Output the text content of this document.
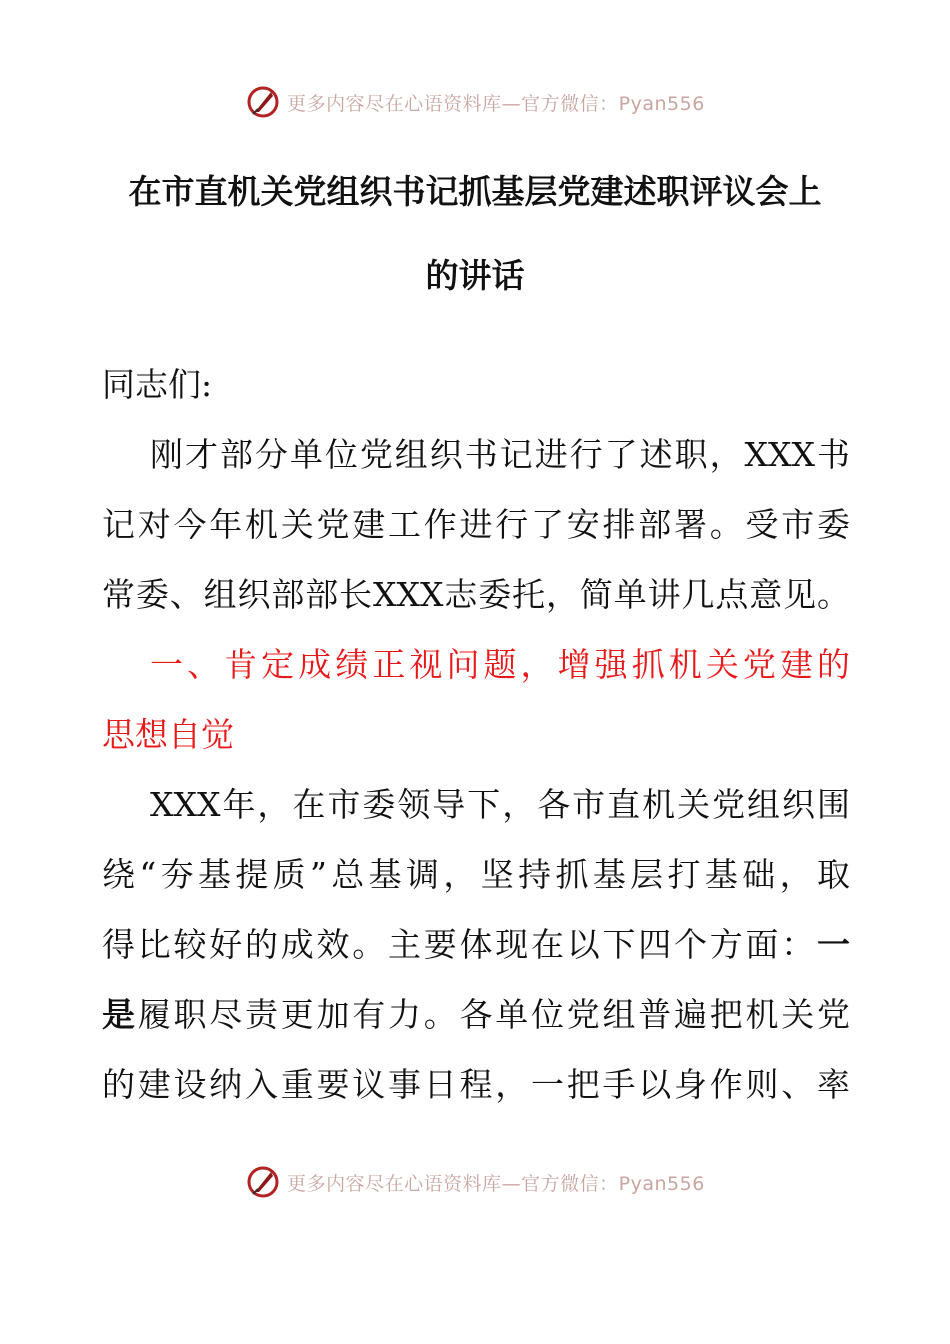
更多内容尽在心语资料库—官方微信：Pyan556
在市直机关党组织书记抓基层党建述职评议会上
的讲话
同志们:
刚才部分单位党组织书记进行了述职，XXX书
记对今年机关党建工作进行了安排部署。受市委
常委、组织部部长XXX志委托，简单讲几点意见。
一、肯定成绩正视问题，增强抓机关党建的
思想自觉
XXX年，在市委领导下，各市直机关党组织围
绕“夯基提质”总基调，坚持抓基层打基础，取
得比较好的成效。主要体现在以下四个方面：一
是履职尽责更加有力。各单位党组普遍把机关党
的建设纳入重要议事日程，一把手以身作则、率
更多内容尽在心语资料库—官方微信：Pyan556
